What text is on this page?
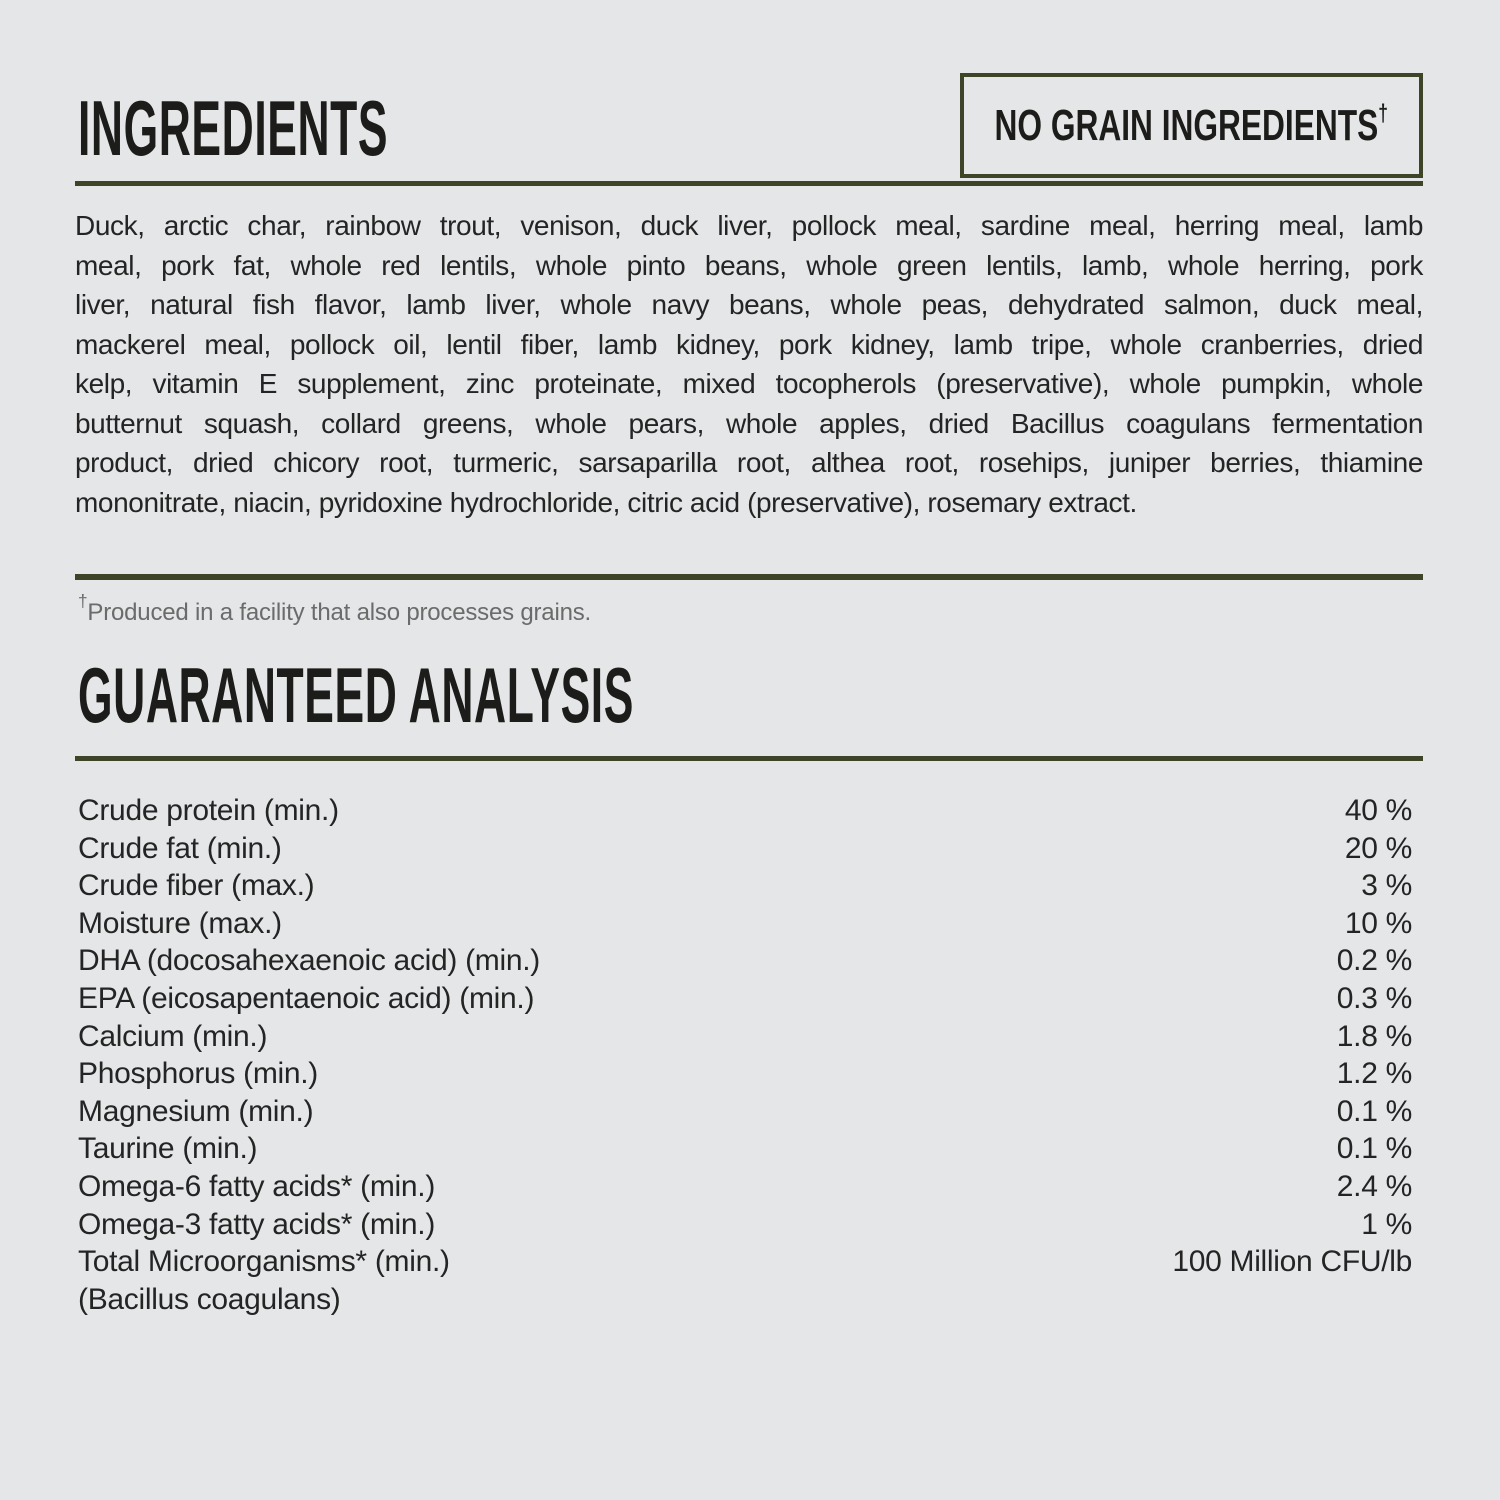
INGREDIENTS	NO GRAIN INGREDIENTS†
Duck, arctic char, rainbow trout, venison, duck liver, pollock meal, sardine meal, herring meal, lamb
meal, pork fat, whole red lentils, whole pinto beans, whole green lentils, lamb, whole herring, pork
liver, natural fish flavor, lamb liver, whole navy beans, whole peas, dehydrated salmon, duck meal,
mackerel meal, pollock oil, lentil fiber, lamb kidney, pork kidney, lamb tripe, whole cranberries, dried
kelp, vitamin E supplement, zinc proteinate, mixed tocopherols (preservative), whole pumpkin, whole
butternut squash, collard greens, whole pears, whole apples, dried Bacillus coagulans fermentation
product, dried chicory root, turmeric, sarsaparilla root, althea root, rosehips, juniper berries, thiamine
mononitrate, niacin, pyridoxine hydrochloride, citric acid (preservative), rosemary extract.
†Produced in a facility that also processes grains.
GUARANTEED ANALYSIS
Crude protein (min.)	40 %
Crude fat (min.)	20 %
Crude fiber (max.)	3 %
Moisture (max.)	10 %
DHA (docosahexaenoic acid) (min.)	0.2 %
EPA (eicosapentaenoic acid) (min.)	0.3 %
Calcium (min.)	1.8 %
Phosphorus (min.)	1.2 %
Magnesium (min.)	0.1 %
Taurine (min.)	0.1 %
Omega-6 fatty acids* (min.)	2.4 %
Omega-3 fatty acids* (min.)	1 %
Total Microorganisms* (min.)	100 Million CFU/lb
(Bacillus coagulans)
